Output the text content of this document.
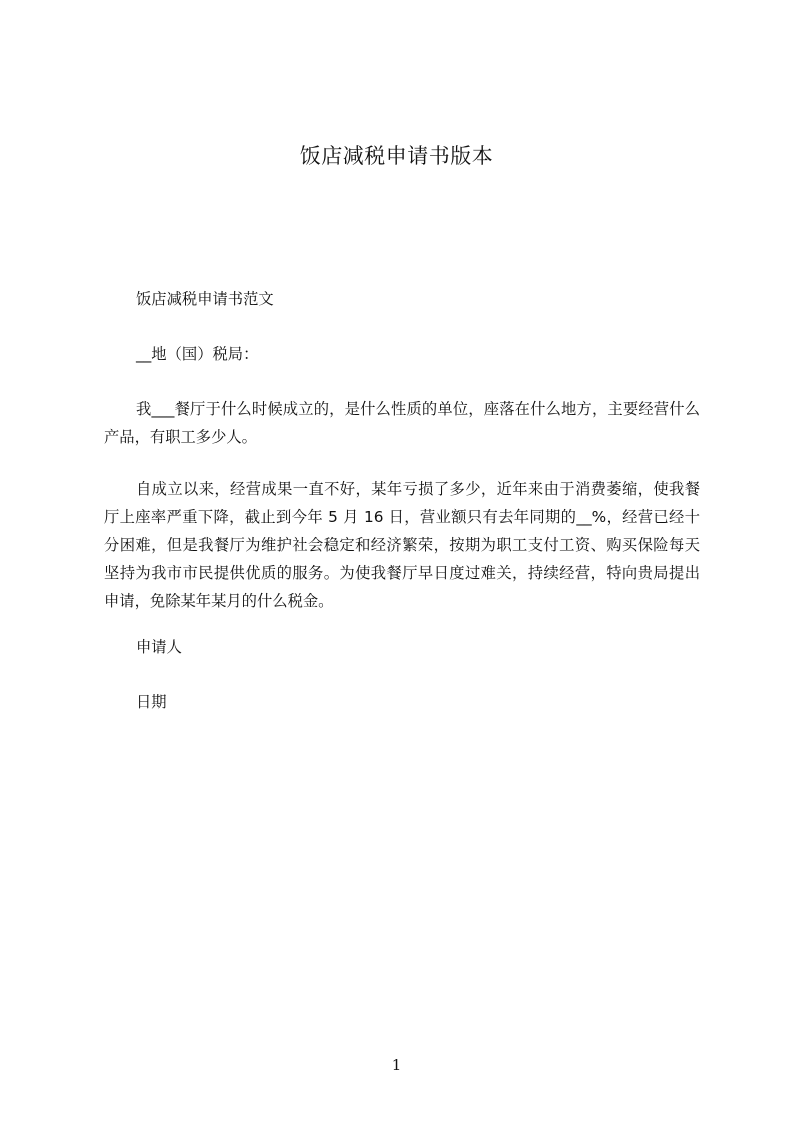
饭店减税申请书版本

饭店减税申请书范文

__地（国）税局：

我___餐厅于什么时候成立的，是什么性质的单位，座落在什么地方，主要经营什么产品，有职工多少人。

自成立以来，经营成果一直不好，某年亏损了多少，近年来由于消费萎缩，使我餐厅上座率严重下降，截止到今年 5 月 16 日，营业额只有去年同期的__%，经营已经十分困难，但是我餐厅为维护社会稳定和经济繁荣，按期为职工支付工资、购买保险每天坚持为我市市民提供优质的服务。为使我餐厅早日度过难关，持续经营，特向贵局提出申请，免除某年某月的什么税金。

申请人

日期

1
